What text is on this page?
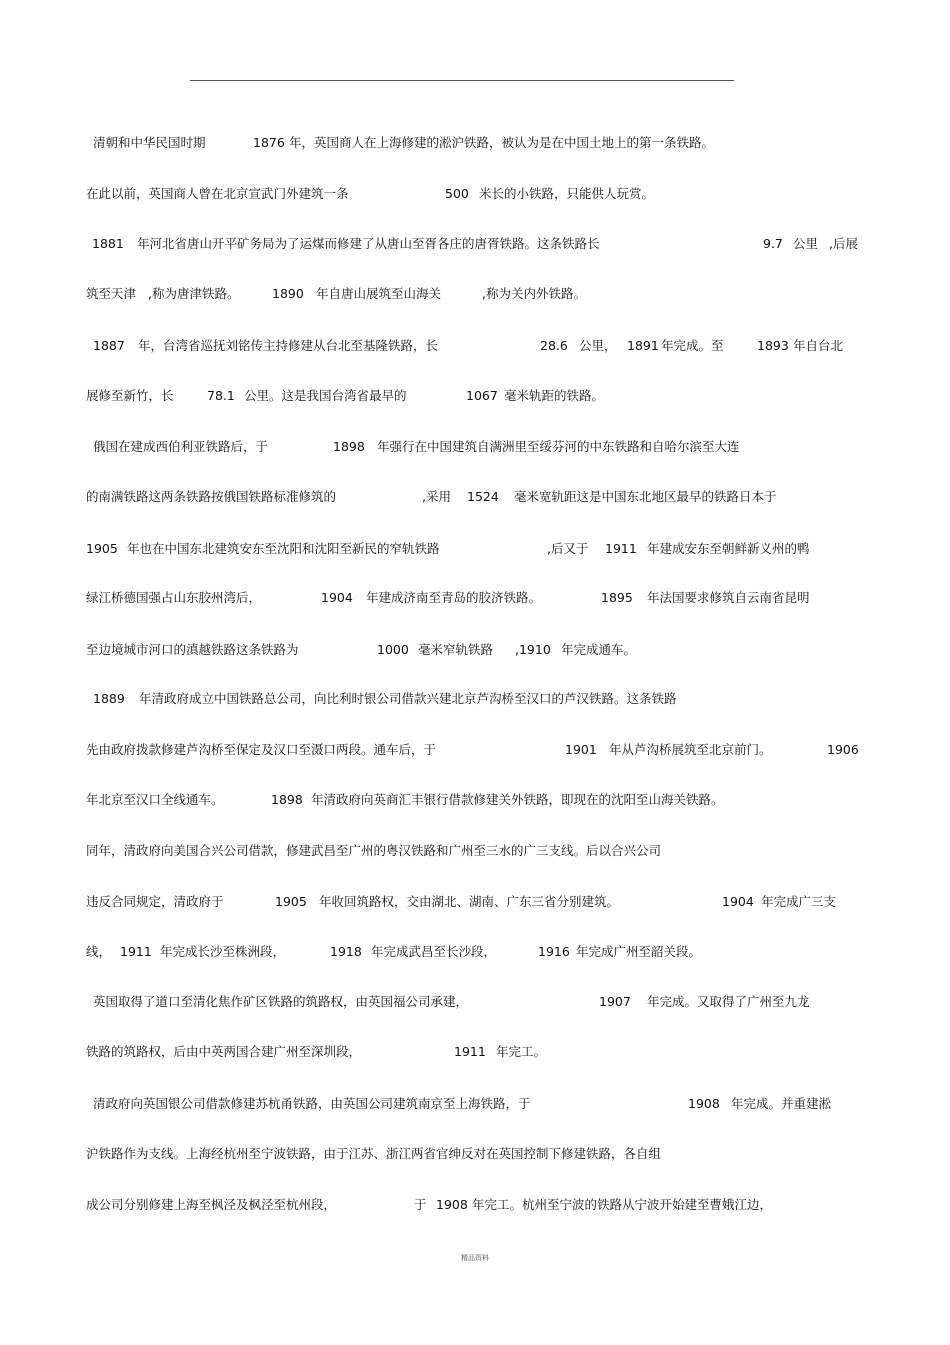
清朝和中华民国时期	1876 年，英国商人在上海修建的淞沪铁路，被认为是在中国土地上的第一条铁路。
在此以前，英国商人曾在北京宣武门外建筑一条	500 米长的小铁路，只能供人玩赏。
1881 年河北省唐山开平矿务局为了运煤而修建了从唐山至胥各庄的唐胥铁路。这条铁路长	9.7 公里 ,后展
筑至天津 ,称为唐津铁路。	1890 年自唐山展筑至山海关	,称为关内外铁路。
1887 年，台湾省巡抚刘铭传主持修建从台北至基隆铁路，长	28.6 公里， 1891 年完成。至	1893 年自台北
展修至新竹，长	78.1 公里。这是我国台湾省最早的	1067 毫米轨距的铁路。
俄国在建成西伯利亚铁路后，于	1898 年强行在中国建筑自满洲里至绥芬河的中东铁路和自哈尔滨至大连
的南满铁路这两条铁路按俄国铁路标准修筑的	,采用 1524 毫米宽轨距这是中国东北地区最早的铁路日本于
1905 年也在中国东北建筑安东至沈阳和沈阳至新民的窄轨铁路	,后又于 1911 年建成安东至朝鲜新义州的鸭
绿江桥德国强占山东胶州湾后，	1904 年建成济南至青岛的胶济铁路。	1895 年法国要求修筑自云南省昆明
至边境城市河口的滇越铁路这条铁路为	1000 毫米窄轨铁路 ,1910 年完成通车。
1889 年清政府成立中国铁路总公司，向比利时银公司借款兴建北京芦沟桥至汉口的芦汉铁路。这条铁路
先由政府拨款修建芦沟桥至保定及汉口至滠口两段。通车后，于	1901 年从芦沟桥展筑至北京前门。	1906
年北京至汉口全线通车。	1898 年清政府向英商汇丰银行借款修建关外铁路，即现在的沈阳至山海关铁路。
同年，清政府向美国合兴公司借款，修建武昌至广州的粤汉铁路和广州至三水的广三支线。后以合兴公司
违反合同规定，清政府于	1905 年收回筑路权，交由湖北、湖南、广东三省分别建筑。	1904 年完成广三支
线， 1911 年完成长沙至株洲段，	1918 年完成武昌至长沙段，	1916 年完成广州至韶关段。
英国取得了道口至清化焦作矿区铁路的筑路权，由英国福公司承建，	1907 年完成。又取得了广州至九龙
铁路的筑路权，后由中英两国合建广州至深圳段，	1911 年完工。
清政府向英国银公司借款修建苏杭甬铁路，由英国公司建筑南京至上海铁路，于	1908 年完成。并重建淞
沪铁路作为支线。上海经杭州至宁波铁路，由于江苏、浙江两省官绅反对在英国控制下修建铁路，各自组
成公司分别修建上海至枫泾及枫泾至杭州段，	于 1908 年完工。杭州至宁波的铁路从宁波开始建至曹娥江边，
精品资料
